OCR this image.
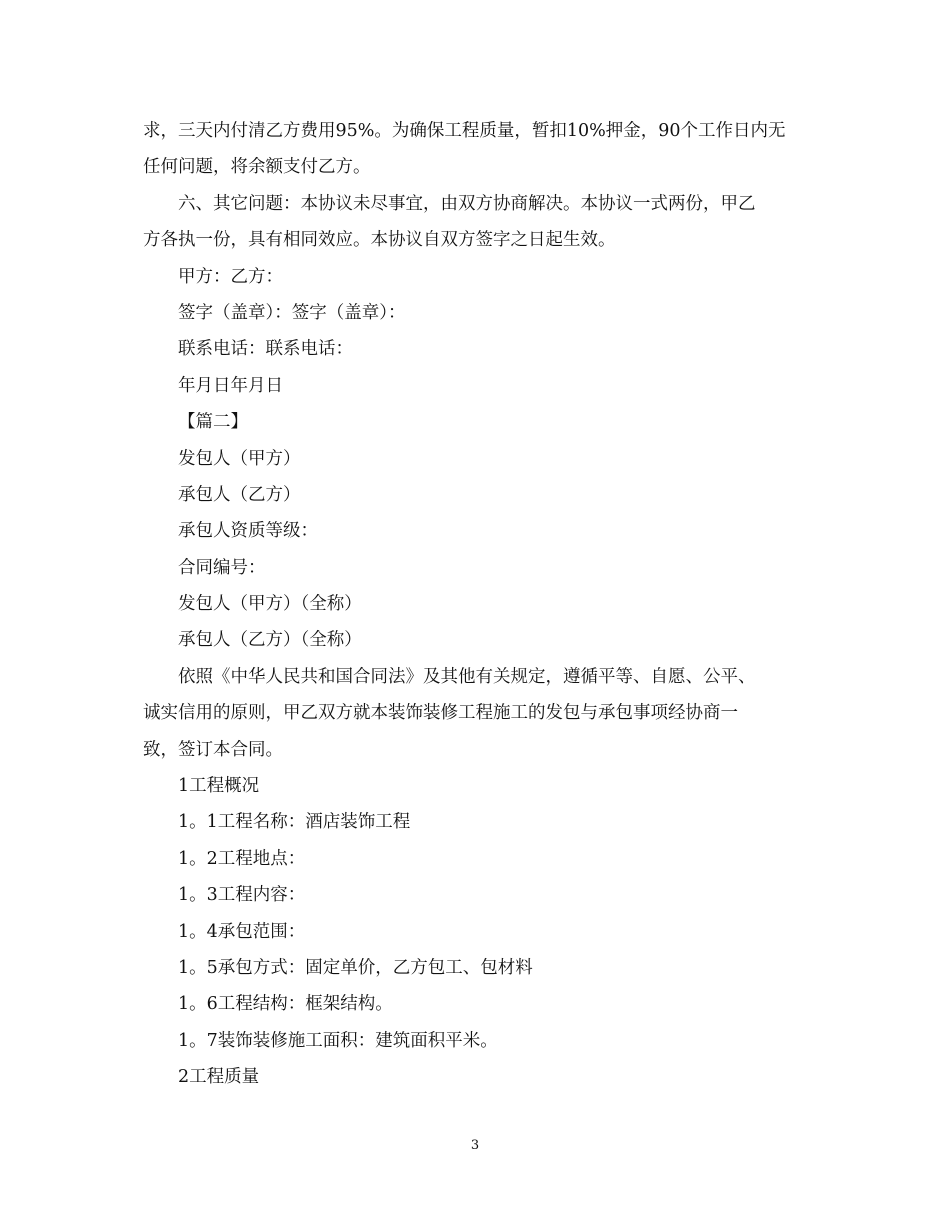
求，三天内付清乙方费用95%。为确保工程质量，暂扣10%押金，90个工作日内无

任何问题，将余额支付乙方。

六、其它问题：本协议未尽事宜，由双方协商解决。本协议一式两份，甲乙

方各执一份，具有相同效应。本协议自双方签字之日起生效。

甲方：乙方：

签字（盖章）：签字（盖章）：

联系电话：联系电话：

年月日年月日

【篇二】

发包人（甲方）

承包人（乙方）

承包人资质等级：

合同编号：

发包人（甲方）（全称）

承包人（乙方）（全称）

依照《中华人民共和国合同法》及其他有关规定，遵循平等、自愿、公平、

诚实信用的原则，甲乙双方就本装饰装修工程施工的发包与承包事项经协商一

致，签订本合同。

1工程概况

1。1工程名称：酒店装饰工程

1。2工程地点：

1。3工程内容：

1。4承包范围：

1。5承包方式：固定单价，乙方包工、包材料

1。6工程结构：框架结构。

1。7装饰装修施工面积：建筑面积平米。

2工程质量

3
